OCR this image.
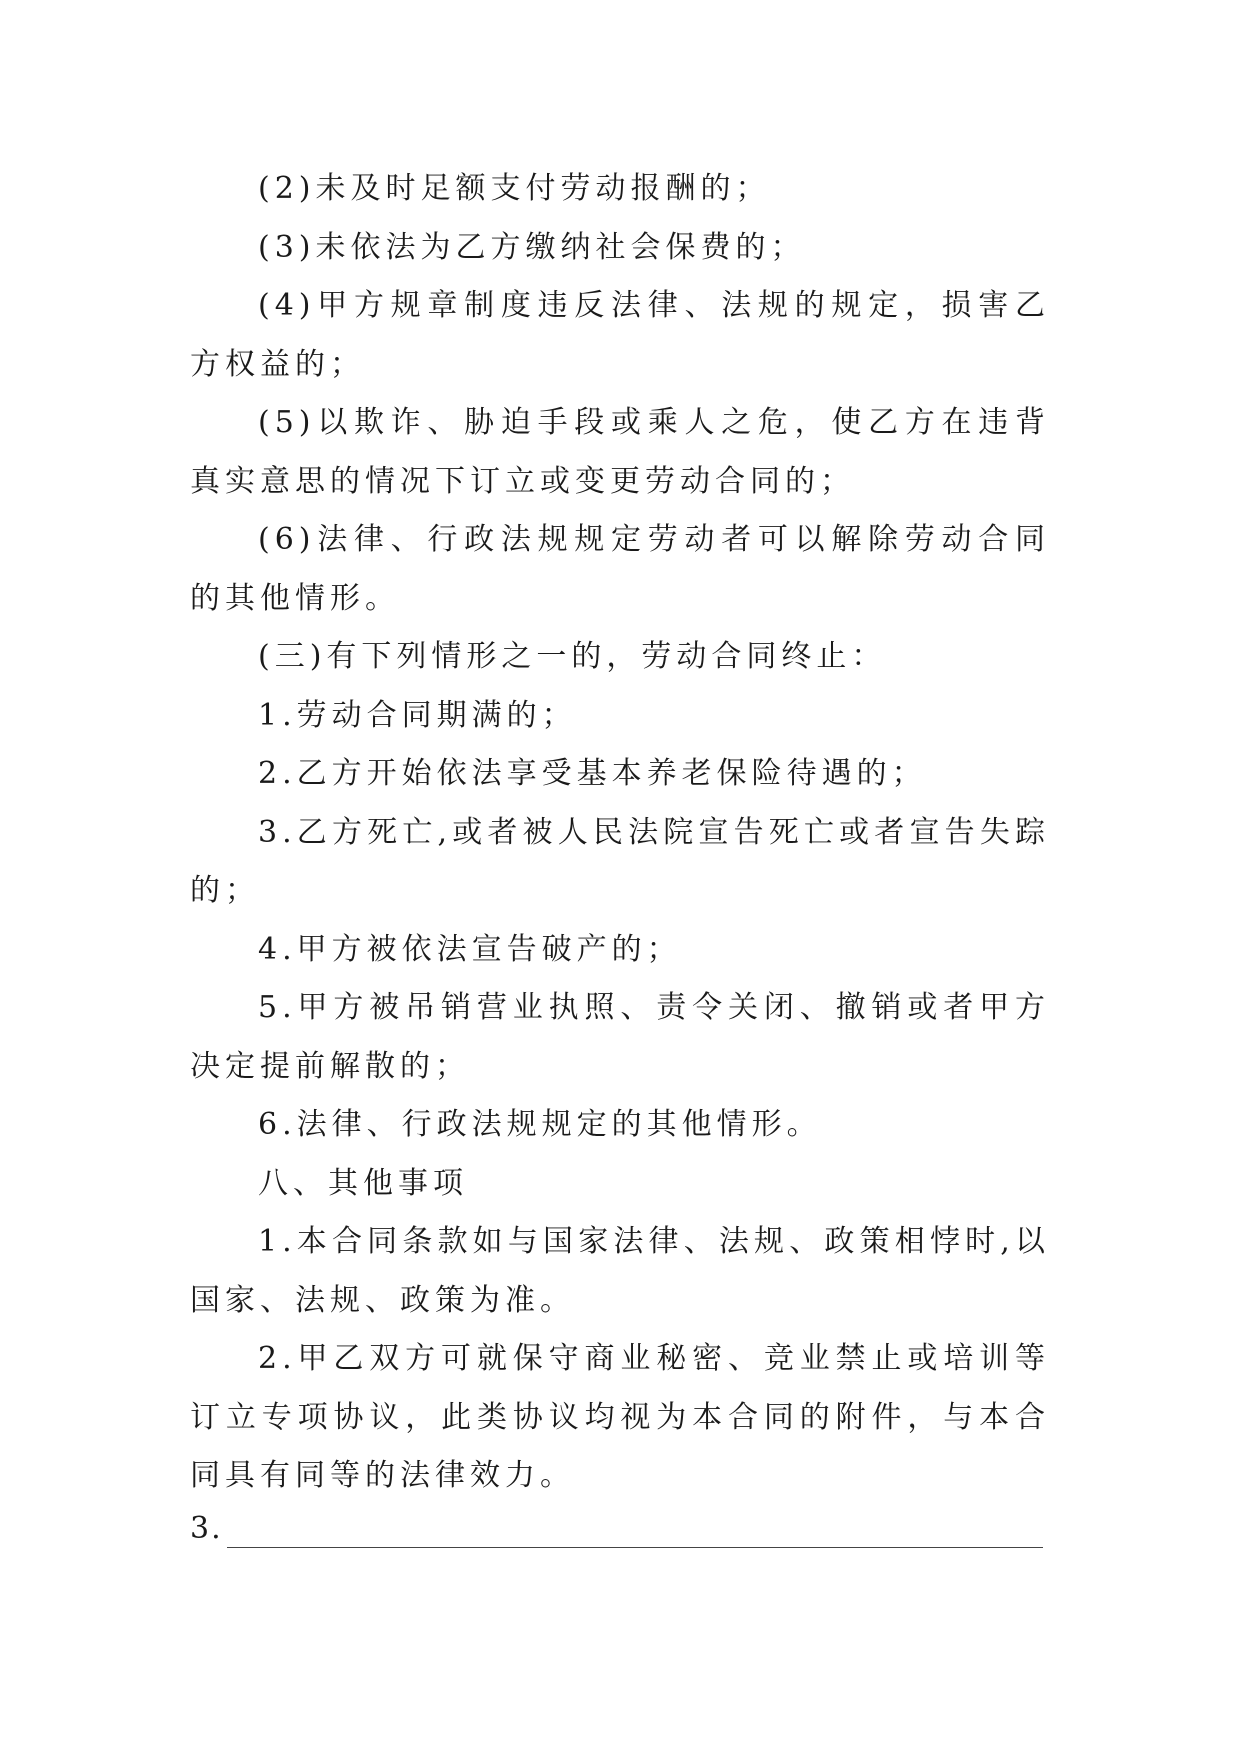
(2)未及时足额支付劳动报酬的；

(3)未依法为乙方缴纳社会保费的；

(4)甲方规章制度违反法律、法规的规定，损害乙方权益的；

(5)以欺诈、胁迫手段或乘人之危，使乙方在违背真实意思的情况下订立或变更劳动合同的；

(6)法律、行政法规规定劳动者可以解除劳动合同的其他情形。

(三)有下列情形之一的，劳动合同终止：

1.劳动合同期满的；

2.乙方开始依法享受基本养老保险待遇的；

3.乙方死亡,或者被人民法院宣告死亡或者宣告失踪的；

4.甲方被依法宣告破产的；

5.甲方被吊销营业执照、责令关闭、撤销或者甲方决定提前解散的；

6.法律、行政法规规定的其他情形。

八、其他事项

1.本合同条款如与国家法律、法规、政策相悖时,以国家、法规、政策为准。

2.甲乙双方可就保守商业秘密、竞业禁止或培训等订立专项协议，此类协议均视为本合同的附件，与本合同具有同等的法律效力。

3.
